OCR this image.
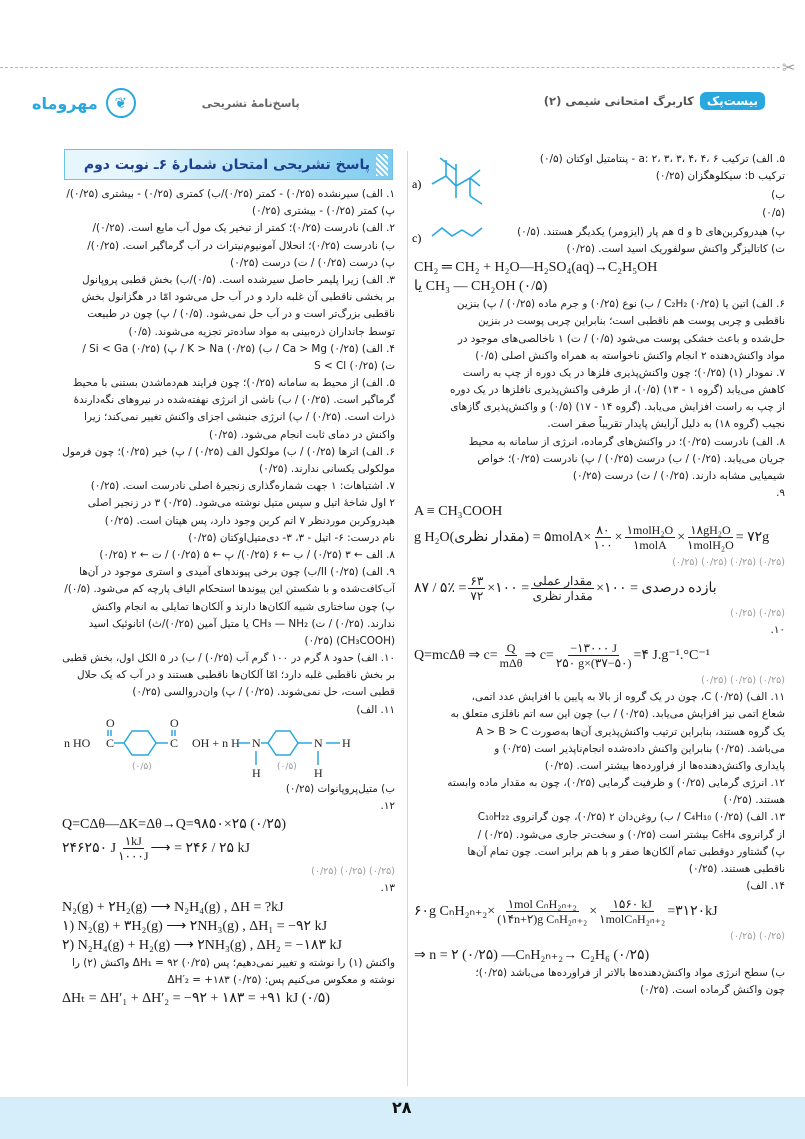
✂
بیست‌پک
کاربرگ امتحانی شیمی (۲)
پاسخ‌نامهٔ تشریحی
❦
مهروماه
پاسخ تشریحی امتحان شمارهٔ ۶ـ نوبت دوم
۱. الف) سیرنشده (۰/۲۵) - کمتر (۰/۲۵)/ب) کمتری (۰/۲۵) - بیشتری (۰/۲۵)/
پ) کمتر (۰/۲۵) - بیشتری (۰/۲۵)
۲. الف) نادرست (۰/۲۵)؛ کمتر از تبخیر یک مول آب مایع است. (۰/۲۵)/
ب) نادرست (۰/۲۵)؛ انحلال آمونیوم‌نیترات در آب گرماگیر است. (۰/۲۵)/
پ) درست (۰/۲۵) / ت) درست (۰/۲۵)
۳. الف) زیرا پلیمر حاصل سیرشده است. (۰/۵)/ب) بخش قطبی پروپانول
بر بخشی ناقطبی آن غلبه دارد و در آب حل می‌شود امّا در هگزانول بخش
ناقطبی بزرگ‌تر است و در آب حل نمی‌شود. (۰/۵) / پ) چون در طبیعت
توسط جانداران ذره‌بینی به مواد ساده‌تر تجزیه می‌شوند. (۰/۵)
۴. الف) Ca > Mg (۰/۲۵) / ب) K > Na (۰/۲۵) / پ) Si < Ga (۰/۲۵) /
ت) S < Cl (۰/۲۵)
۵. الف) از محیط به سامانه (۰/۲۵)؛ چون فرایند هم‌دماشدن بستنی با محیط
گرماگیر است. (۰/۲۵) / ب) ناشی از انرژی نهفته‌شده در نیروهای نگه‌دارندهٔ
ذرات است. (۰/۲۵) / پ) انرژی جنبشی اجزای واکنش تغییر نمی‌کند؛ زیرا
واکنش در دمای ثابت انجام می‌شود. (۰/۲۵)
۶. الف) اترها (۰/۲۵) / ب) مولکول الف (۰/۲۵) / پ) خیر (۰/۲۵)؛ چون فرمول
مولکولی یکسانی ندارند. (۰/۲۵)
۷. اشتباهات: ۱ جهت شماره‌گذاری زنجیرهٔ اصلی نادرست است. (۰/۲۵)
۲ اول شاخهٔ اتیل و سپس متیل نوشته می‌شود. (۰/۲۵) ۳ در زنجیر اصلی
هیدروکربن موردنظر ۷ اتم کربن وجود دارد، پس هپتان است. (۰/۲۵)
نام درست: ۶- اتیل - ۳، ۳- دی‌متیل‌اوکتان (۰/۲۵)
۸. الف ← ۳ (۰/۲۵) / ب ← ۶ (۰/۲۵)/ پ ← ۵ (۰/۲۵) / ت ← ۲ (۰/۲۵)
۹. الف) II (۰/۲۵)/ب) چون برخی پیوندهای آمیدی و استری موجود در آن‌ها
آب‌کافت‌شده و با شکستن این پیوندها استحکام الیاف پارچه کم می‌شود. (۰/۵)/
پ) چون ساختاری شبیه آلکان‌ها دارند و آلکان‌ها تمایلی به انجام واکنش
ندارند. (۰/۲۵) / ت) CH₃ — NH₂ یا متیل آمین (۰/۲۵)/ث) اتانوئیک اسید
(CH₃COOH) (۰/۲۵)
۱۰. الف) حدود ۸ گرم در ۱۰۰ گرم آب (۰/۲۵) / ب) در ۵ الکل اول، بخش قطبی
بر بخش ناقطبی غلبه دارد؛ امّا آلکان‌ها ناقطبی هستند و در آب که یک حلال
قطبی است، حل نمی‌شوند. (۰/۲۵) / پ) وان‌دروالسی (۰/۲۵)
۱۱. الف)
n HO C
O
C
O
OH + n H N
H
N
H
H
(۰/۵)	(۰/۵)
ب) متیل‌پروپانوات (۰/۲۵)
۱۲.
Q=CΔθ —ΔK=Δθ→ Q=۹۸۵۰×۲۵ (۰/۲۵)
۲۴۶۲۵۰ J $\frac{۱kJ}{۱۰۰۰J}$ ⟶ = ۲۴۶ / ۲۵ kJ
(۰/۲۵) (۰/۲۵) (۰/۲۵)
۱۳.
N₂(g) + ۲H₂(g) ⟶ N₂H₄(g) , ΔH = ?kJ
۱) N₂(g) + ۳H₂(g) ⟶ ۲NH₃(g) , ΔH₁ = −۹۲ kJ
۲) N₂H₄(g) + H₂(g) ⟶ ۲NH₃(g) , ΔH₂ = −۱۸۳ kJ
واکنش (۱) را نوشته و تغییر نمی‌دهیم؛ پس ΔH₁ = ۹۲ (۰/۲۵) واکنش (۲) را
نوشته و معکوس می‌کنیم پس: ΔH′₂ = +۱۸۳ (۰/۲۵)
ΔHₜ = ΔH′₁ + ΔH′₂ = −۹۲ + ۱۸۳ = +۹۱ kJ (۰/۵)
۵. الف) ترکیب a: ۲، ۳، ۳، ۴، ۴، ۶ - پنتامتیل اوکتان (۰/۵)
ترکیب b: سیکلوهگزان (۰/۲۵)
ب)
(۰/۵)
پ) هیدروکربن‌های b و d هم پار (ایزومر) یکدیگر هستند. (۰/۵)
ت) کاتالیزگر واکنش سولفوریک اسید است. (۰/۲۵)
CH₂ ═ CH₂ + H₂O —H₂SO₄(aq)→ C₂H₅OH
یا CH₃ — CH₂OH (۰/۵)
۶. الف) اتین یا C₂H₂ (۰/۲۵) / ب) نوع (۰/۲۵) و جرم ماده (۰/۲۵) / پ) بنزین
ناقطبی و چربی پوست هم ناقطبی است؛ بنابراین چربی پوست در بنزین
حل‌شده و باعث خشکی پوست می‌شود (۰/۵) / ت) ۱ ناخالصی‌های موجود در
مواد واکنش‌دهنده ۲ انجام واکنش ناخواسته به همراه واکنش اصلی (۰/۵)
۷. نمودار (۱) (۰/۲۵)؛ چون واکنش‌پذیری فلزها در یک دوره از چپ به راست
کاهش می‌یابد (گروه ۱ - ۱۳) (۰/۵)، از طرفی واکنش‌پذیری نافلزها در یک دوره
از چپ به راست افزایش می‌یابد. (گروه ۱۴ - ۱۷) (۰/۵) و واکنش‌پذیری گازهای
نجیب (گروه ۱۸) به دلیل آرایش پایدار تقریباً صفر است.
۸. الف) نادرست (۰/۲۵)؛ در واکنش‌های گرماده، انرژی از سامانه به محیط
جریان می‌یابد. (۰/۲۵) / ب) درست (۰/۲۵) / پ) نادرست (۰/۲۵)؛ خواص
شیمیایی مشابه دارند. (۰/۲۵) / ت) درست (۰/۲۵)
۹.
A ≡ CH₃COOH
g H₂O(مقدار نظری) = ۵molA× $\frac{۸۰}{۱۰۰} \times \frac{\text{۱molH₂O}}{\text{۱molA}} \times \frac{\text{۱۸gH₂O}}{\text{۱molH₂O}}$ = ۷۲g
(۰/۲۵) (۰/۲۵) (۰/۲۵) (۰/۲۵)
۸۷ / ۵٪ = $\frac{۶۳}{۷۲}$ ×۱۰۰ = $\frac{\text{مقدار عملی}}{\text{مقدار نظری}}$ ×۱۰۰ = بازده درصدی
(۰/۲۵) (۰/۲۵)
۱۰.
Q=mcΔθ ⇒ $c= \frac{Q}{\text{mΔθ}}$ ⇒ $c= \frac{-۱۳۰۰۰ J}{۲۵۰ g\times(۳۷-۵۰)}$ =۴ J.g⁻¹.°C⁻¹
(۰/۲۵) (۰/۲۵) (۰/۲۵)
۱۱. الف) C (۰/۲۵)، چون در یک گروه از بالا به پایین با افزایش عدد اتمی،
شعاع اتمی نیز افزایش می‌یابد. (۰/۲۵) / ب) چون این سه اتم نافلزی متعلق به
یک گروه هستند، بنابراین ترتیب واکنش‌پذیری آن‌ها به‌صورت A > B > C
می‌باشد. (۰/۲۵) بنابراین واکنش داده‌شده انجام‌ناپذیر است (۰/۲۵) و
پایداری واکنش‌دهنده‌ها از فراورده‌ها بیشتر است. (۰/۲۵)
۱۲. انرژی گرمایی (۰/۲۵) و ظرفیت گرمایی (۰/۲۵)، چون به مقدار ماده وابسته
هستند. (۰/۲۵)
۱۳. الف) C₄H₁₀ (۰/۲۵) / ب) روغن‌دان ۲ (۰/۲۵)، چون گرانروی C₁₀H₂₂
از گرانروی C₆H₄ بیشتر است (۰/۲۵) و سخت‌تر جاری می‌شود. (۰/۲۵) /
پ) گشتاور دوقطبی تمام آلکان‌ها صفر و با هم برابر است. چون تمام آن‌ها
ناقطبی هستند. (۰/۲۵)
۱۴. الف)
۶۰g $C_nH_{2n+2}\times \frac{\text{۱mol CₙH₂ₙ₊₂}}{\text{(۱۴n+۲)g CₙH₂ₙ₊₂}} \times \frac{۱۵۶۰ kJ}{\text{۱molCₙH₂ₙ₊₂}}$ =۳۱۲۰kJ
(۰/۲۵) (۰/۲۵)
⇒ n = ۲ (۰/۲۵) —CₙH₂ₙ₊₂→ C₂H₆ (۰/۲۵)
ب) سطح انرژی مواد واکنش‌دهنده‌ها بالاتر از فراورده‌ها می‌باشد (۰/۲۵)؛
چون واکنش گرماده است. (۰/۲۵)
a)
c)
۲۸
